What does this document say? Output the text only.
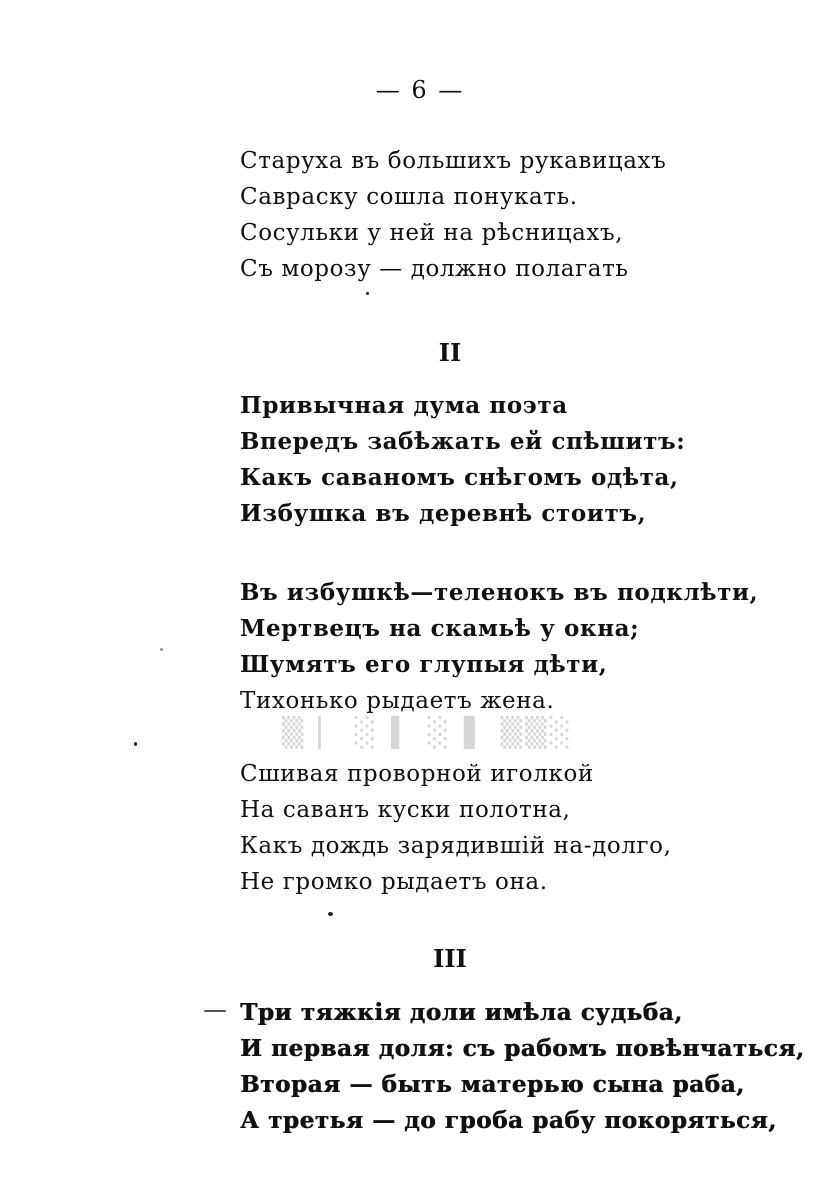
— 6 —
Старуха въ большихъ рукавицахъ
Савраску сошла понукать.
Сосульки у ней на рѣсницахъ,
Съ морозу — должно полагать
II
Привычная дума поэта
Впередъ забѣжать ей спѣшитъ:
Какъ саваномъ снѣгомъ одѣта,
Избушка въ деревнѣ стоитъ,
Въ избушкѣ—теленокъ въ подклѣти,
Мертвецъ на скамьѣ у окна;
Шумятъ его глупыя дѣти,
Тихонько рыдаетъ жена.
▒ ▏ ░ ▍ ░ ▌ ▒▒░
Сшивая проворной иголкой
На саванъ куски полотна,
Какъ дождь зарядившій на-долго,
Не громко рыдаетъ она.
III
Три тяжкія доли имѣла судьба,
И первая доля: съ рабомъ повѣнчаться,
Вторая — быть матерью сына раба,
А третья — до гроба рабу покоряться,
